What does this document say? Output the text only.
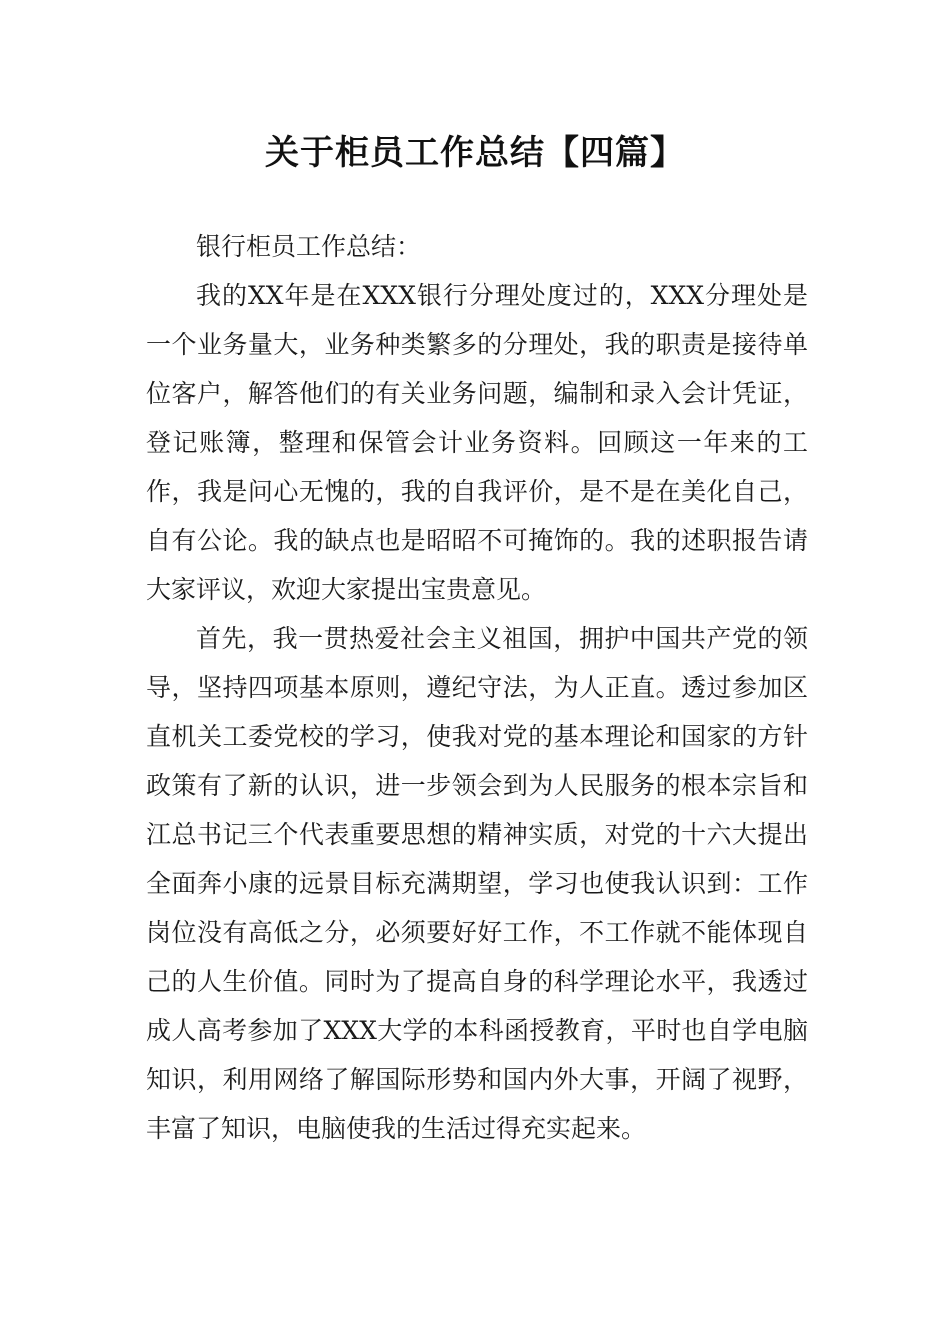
关于柜员工作总结【四篇】

银行柜员工作总结：

我的XX年是在XXX银行分理处度过的，XXX分理处是一个业务量大，业务种类繁多的分理处，我的职责是接待单位客户，解答他们的有关业务问题，编制和录入会计凭证，登记账簿，整理和保管会计业务资料。回顾这一年来的工作，我是问心无愧的，我的自我评价，是不是在美化自己，自有公论。我的缺点也是昭昭不可掩饰的。我的述职报告请大家评议，欢迎大家提出宝贵意见。

首先，我一贯热爱社会主义祖国，拥护中国共产党的领导，坚持四项基本原则，遵纪守法，为人正直。透过参加区直机关工委党校的学习，使我对党的基本理论和国家的方针政策有了新的认识，进一步领会到为人民服务的根本宗旨和江总书记三个代表重要思想的精神实质，对党的十六大提出全面奔小康的远景目标充满期望，学习也使我认识到：工作岗位没有高低之分，必须要好好工作，不工作就不能体现自己的人生价值。同时为了提高自身的科学理论水平，我透过成人高考参加了XXX大学的本科函授教育，平时也自学电脑知识，利用网络了解国际形势和国内外大事，开阔了视野，丰富了知识，电脑使我的生活过得充实起来。
